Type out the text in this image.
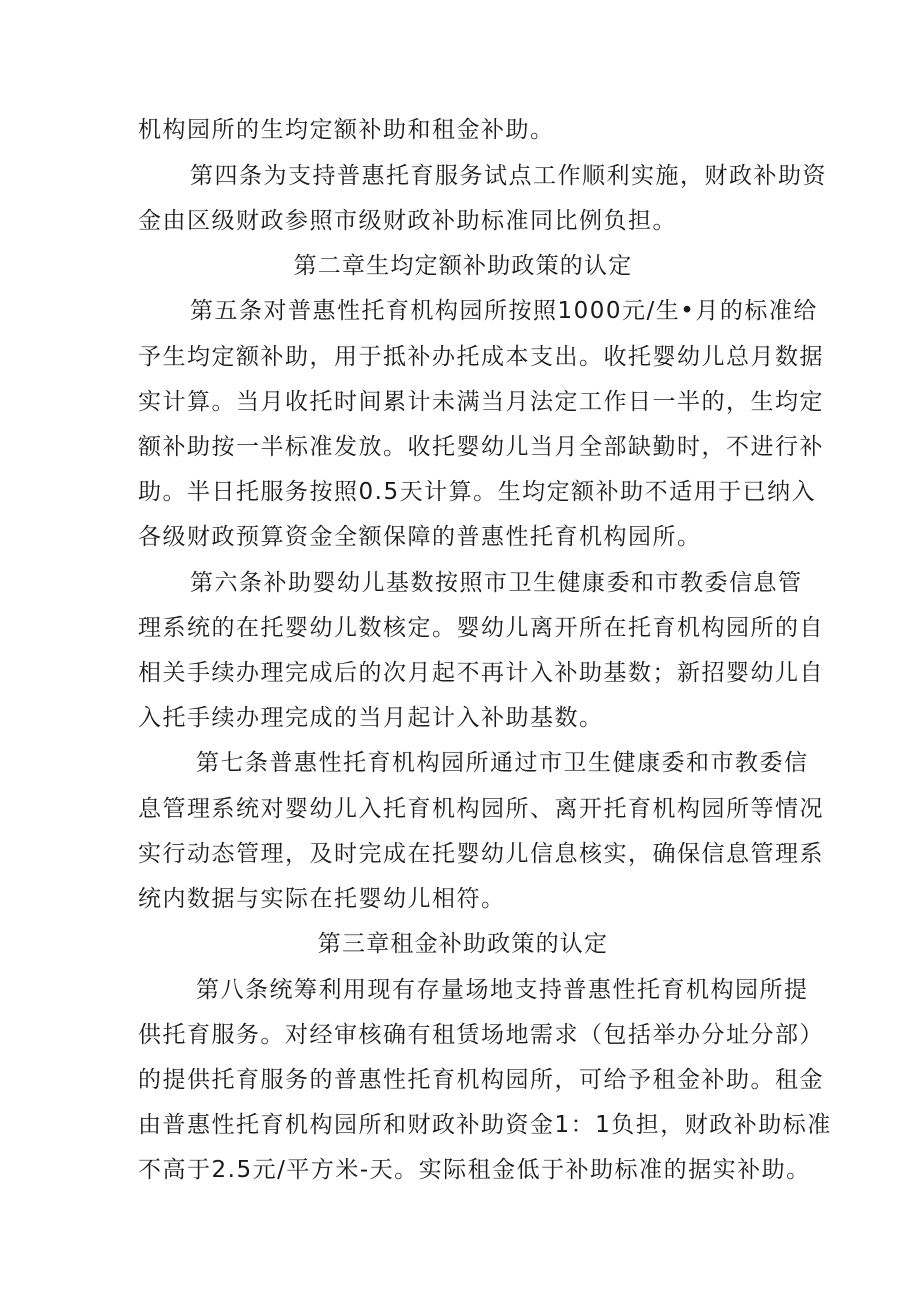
机构园所的生均定额补助和租金补助。
第四条为支持普惠托育服务试点工作顺利实施，财政补助资
金由区级财政参照市级财政补助标准同比例负担。
第二章生均定额补助政策的认定
第五条对普惠性托育机构园所按照1000元/生•月的标准给
予生均定额补助，用于抵补办托成本支出。收托婴幼儿总月数据
实计算。当月收托时间累计未满当月法定工作日一半的，生均定
额补助按一半标准发放。收托婴幼儿当月全部缺勤时，不进行补
助。半日托服务按照0.5天计算。生均定额补助不适用于已纳入
各级财政预算资金全额保障的普惠性托育机构园所。
第六条补助婴幼儿基数按照市卫生健康委和市教委信息管
理系统的在托婴幼儿数核定。婴幼儿离开所在托育机构园所的自
相关手续办理完成后的次月起不再计入补助基数；新招婴幼儿自
入托手续办理完成的当月起计入补助基数。
第七条普惠性托育机构园所通过市卫生健康委和市教委信
息管理系统对婴幼儿入托育机构园所、离开托育机构园所等情况
实行动态管理，及时完成在托婴幼儿信息核实，确保信息管理系
统内数据与实际在托婴幼儿相符。
第三章租金补助政策的认定
第八条统筹利用现有存量场地支持普惠性托育机构园所提
供托育服务。对经审核确有租赁场地需求（包括举办分址分部）
的提供托育服务的普惠性托育机构园所，可给予租金补助。租金
由普惠性托育机构园所和财政补助资金1：1负担，财政补助标准
不高于2.5元/平方米-天。实际租金低于补助标准的据实补助。
